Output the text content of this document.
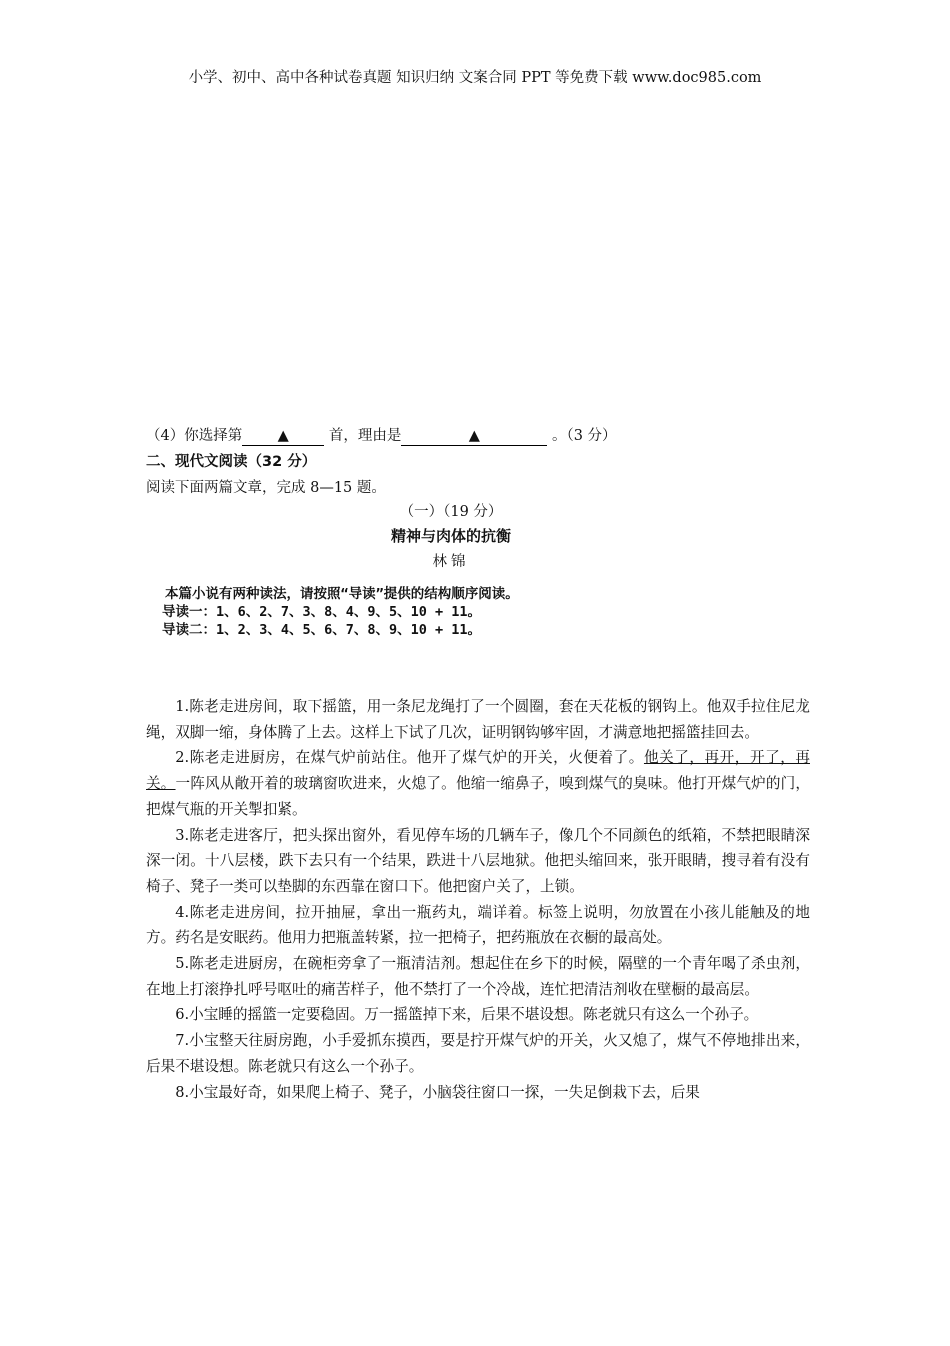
小学、初中、高中各种试卷真题 知识归纳 文案合同 PPT 等免费下载 www.doc985.com
（4）你选择第 ▲	首，理由是	▲	。（3 分）
二、现代文阅读（32 分）
阅读下面两篇文章，完成 8—15 题。
（一）（19 分）
精神与肉体的抗衡
林锦
本篇小说有两种读法，请按照“导读”提供的结构顺序阅读。
导读一：1、6、2、7、3、8、4、9、5、10 + 11。
导读二：1、2、3、4、5、6、7、8、9、10 + 11。

1.陈老走进房间，取下摇篮，用一条尼龙绳打了一个圆圈，套在天花板的钢钩上。他双手拉住尼龙绳，双脚一缩，身体腾了上去。这样上下试了几次，证明钢钩够牢固，才满意地把摇篮挂回去。

2.陈老走进厨房，在煤气炉前站住。他开了煤气炉的开关，火便着了。他关了，再开，开了，再关。一阵风从敞开着的玻璃窗吹进来，火熄了。他缩一缩鼻子，嗅到煤气的臭味。他打开煤气炉的门，把煤气瓶的开关掣扣紧。

3.陈老走进客厅，把头探出窗外，看见停车场的几辆车子，像几个不同颜色的纸箱，不禁把眼睛深深一闭。十八层楼，跌下去只有一个结果，跌进十八层地狱。他把头缩回来，张开眼睛，搜寻着有没有椅子、凳子一类可以垫脚的东西靠在窗口下。他把窗户关了，上锁。

4.陈老走进房间，拉开抽屉，拿出一瓶药丸，端详着。标签上说明，勿放置在小孩儿能触及的地方。药名是安眠药。他用力把瓶盖转紧，拉一把椅子，把药瓶放在衣橱的最高处。

5.陈老走进厨房，在碗柜旁拿了一瓶清洁剂。想起住在乡下的时候，隔壁的一个青年喝了杀虫剂，在地上打滚挣扎呼号呕吐的痛苦样子，他不禁打了一个冷战，连忙把清洁剂收在壁橱的最高层。

6.小宝睡的摇篮一定要稳固。万一摇篮掉下来，后果不堪设想。陈老就只有这么一个孙子。

7.小宝整天往厨房跑，小手爱抓东摸西，要是拧开煤气炉的开关，火又熄了，煤气不停地排出来，后果不堪设想。陈老就只有这么一个孙子。

8.小宝最好奇，如果爬上椅子、凳子，小脑袋往窗口一探，一失足倒栽下去，后果
